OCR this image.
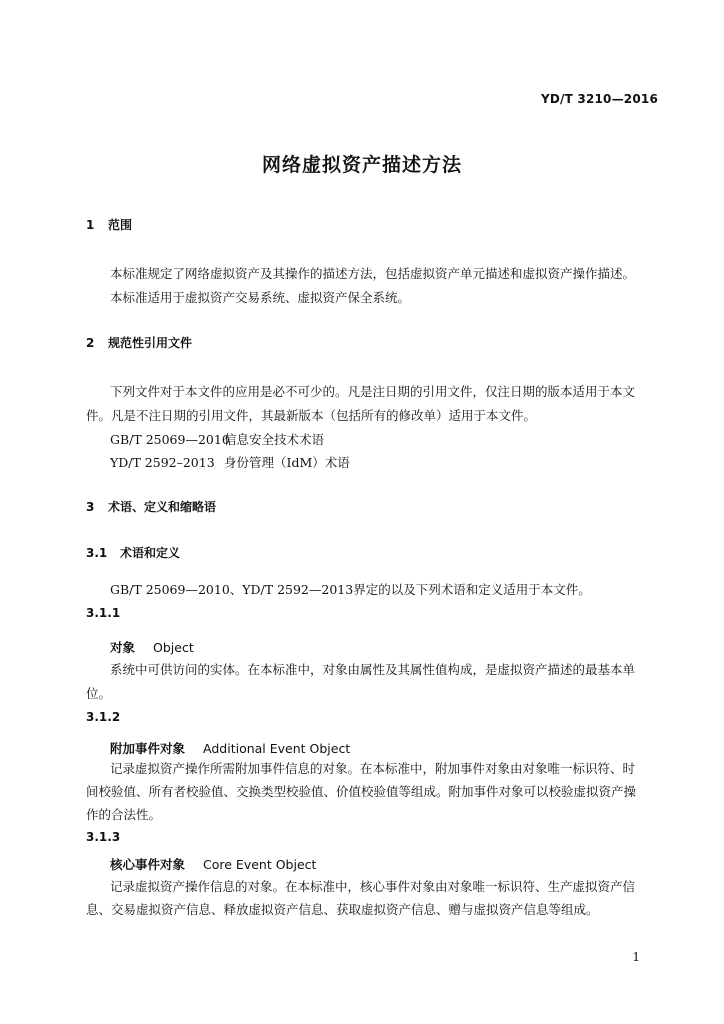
YD/T 3210—2016
网络虚拟资产描述方法
1 范围
本标准规定了网络虚拟资产及其操作的描述方法，包括虚拟资产单元描述和虚拟资产操作描述。
本标准适用于虚拟资产交易系统、虚拟资产保全系统。
2 规范性引用文件
下列文件对于本文件的应用是必不可少的。凡是注日期的引用文件，仅注日期的版本适用于本文
件。凡是不注日期的引用文件，其最新版本（包括所有的修改单）适用于本文件。
GB/T 25069—2010信息安全技术术语
YD/T 2592–2013 身份管理（IdM）术语
3 术语、定义和缩略语
3.1 术语和定义
GB/T 25069—2010、YD/T 2592—2013界定的以及下列术语和定义适用于本文件。
3.1.1
对象 Object
系统中可供访问的实体。在本标准中，对象由属性及其属性值构成，是虚拟资产描述的最基本单
位。
3.1.2
附加事件对象 Additional Event Object
记录虚拟资产操作所需附加事件信息的对象。在本标准中，附加事件对象由对象唯一标识符、时
间校验值、所有者校验值、交换类型校验值、价值校验值等组成。附加事件对象可以校验虚拟资产操
作的合法性。
3.1.3
核心事件对象 Core Event Object
记录虚拟资产操作信息的对象。在本标准中，核心事件对象由对象唯一标识符、生产虚拟资产信
息、交易虚拟资产信息、释放虚拟资产信息、获取虚拟资产信息、赠与虚拟资产信息等组成。
1
